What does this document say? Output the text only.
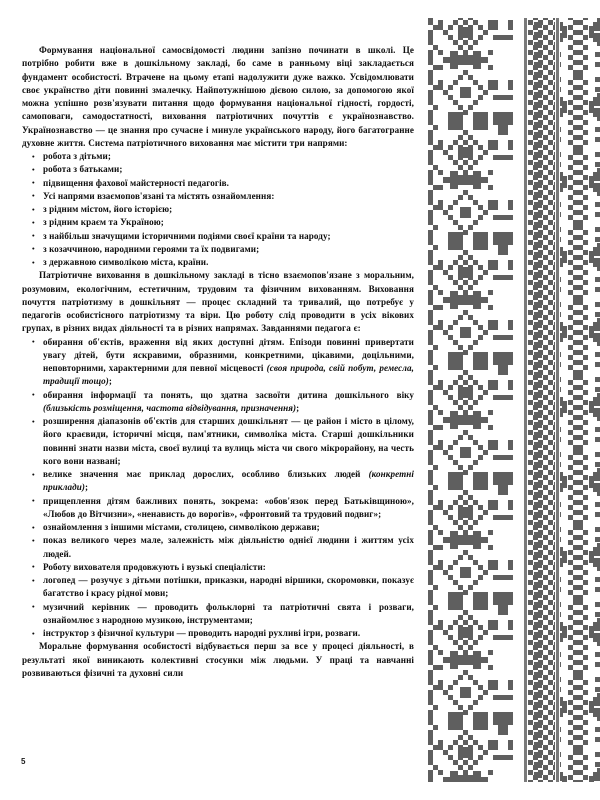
Формування національної самосвідомості людини запізно починати в школі. Це потрібно робити вже в дошкільному закладі, бо саме в ранньому віці закладається фундамент особистості. Втрачене на цьому етапі надолужити дуже важко. Усвідомлювати своє українство діти повинні змалечку. Найпотужнішою дієвою силою, за допомогою якої можна успішно розв'язувати питання щодо формування національної гідності, гордості, самоповаги, самодостатності, виховання патріотичних почуттів є українознавство. Українознавство — це знання про сучасне і минуле українського народу, його багатогранне духовне життя. Система патріотичного виховання має містити три напрями:

• робота з дітьми;
• робота з батьками;
• підвищення фахової майстерності педагогів.
• Усі напрями взаємопов'язані та містять ознайомлення:
• з рідним містом, його історією;
• з рідним краєм та Україною;
• з найбільш значущими історичними подіями своєї країни та народу;
• з козаччиною, народними героями та їх подвигами;
• з державною символікою міста, країни.

Патріотичне виховання в дошкільному закладі в тісно взаємопов'язане з моральним, розумовим, екологічним, естетичним, трудовим та фізичним вихованням. Виховання почуття патріотизму в дошкільнят — процес складний та тривалий, що потребує у педагогів особистісного патріотизму та віри. Цю роботу слід проводити в усіх вікових групах, в різних видах діяльності та в різних напрямах. Завданнями педагога є:

• обирання об'єктів, враження від яких доступні дітям. Епізоди повинні привертати увагу дітей, бути яскравими, образними, конкретними, цікавими, доцільними, неповторними, характерними для певної місцевості (своя природа, свій побут, ремесла, традиції тощо);
• обирання інформації та понять, що здатна засвоїти дитина дошкільного віку (близькість розміщення, частота відвідування, призначення);
• розширення діапазонів об'єктів для старших дошкільнят — це район і місто в цілому, його краєвиди, історичні місця, пам'ятники, символіка міста. Старші дошкільники повинні знати назви міста, своєї вулиці та вулиць міста чи свого мікрорайону, на честь кого вони названі;
• велике значення має приклад дорослих, особливо близьких людей (конкретні приклади);
• прищеплення дітям бажливих понять, зокрема: «обов'язок перед Батьківщиною», «Любов до Вітчизни», «ненависть до ворогів», «фронтовий та трудовий подвиг»;
• ознайомлення з іншими містами, столицею, символікою держави;
• показ великого через мале, залежність між діяльністю однієї людини і життям усіх людей.
• Роботу вихователя продовжують і вузькі спеціалісти:
• логопед — розучує з дітьми потішки, приказки, народні віршики, скоромовки, показує багатство і красу рідної мови;
• музичний керівник — проводить фольклорні та патріотичні свята і розваги, ознайомлює з народною музикою, інструментами;
• інструктор з фізичної культури — проводить народні рухливі ігри, розваги.

Моральне формування особистості відбувається перш за все у процесі діяльності, в результаті якої виникають колективні стосунки між людьми. У праці та навчанні розвиваються фізичні та духовні сили

5
